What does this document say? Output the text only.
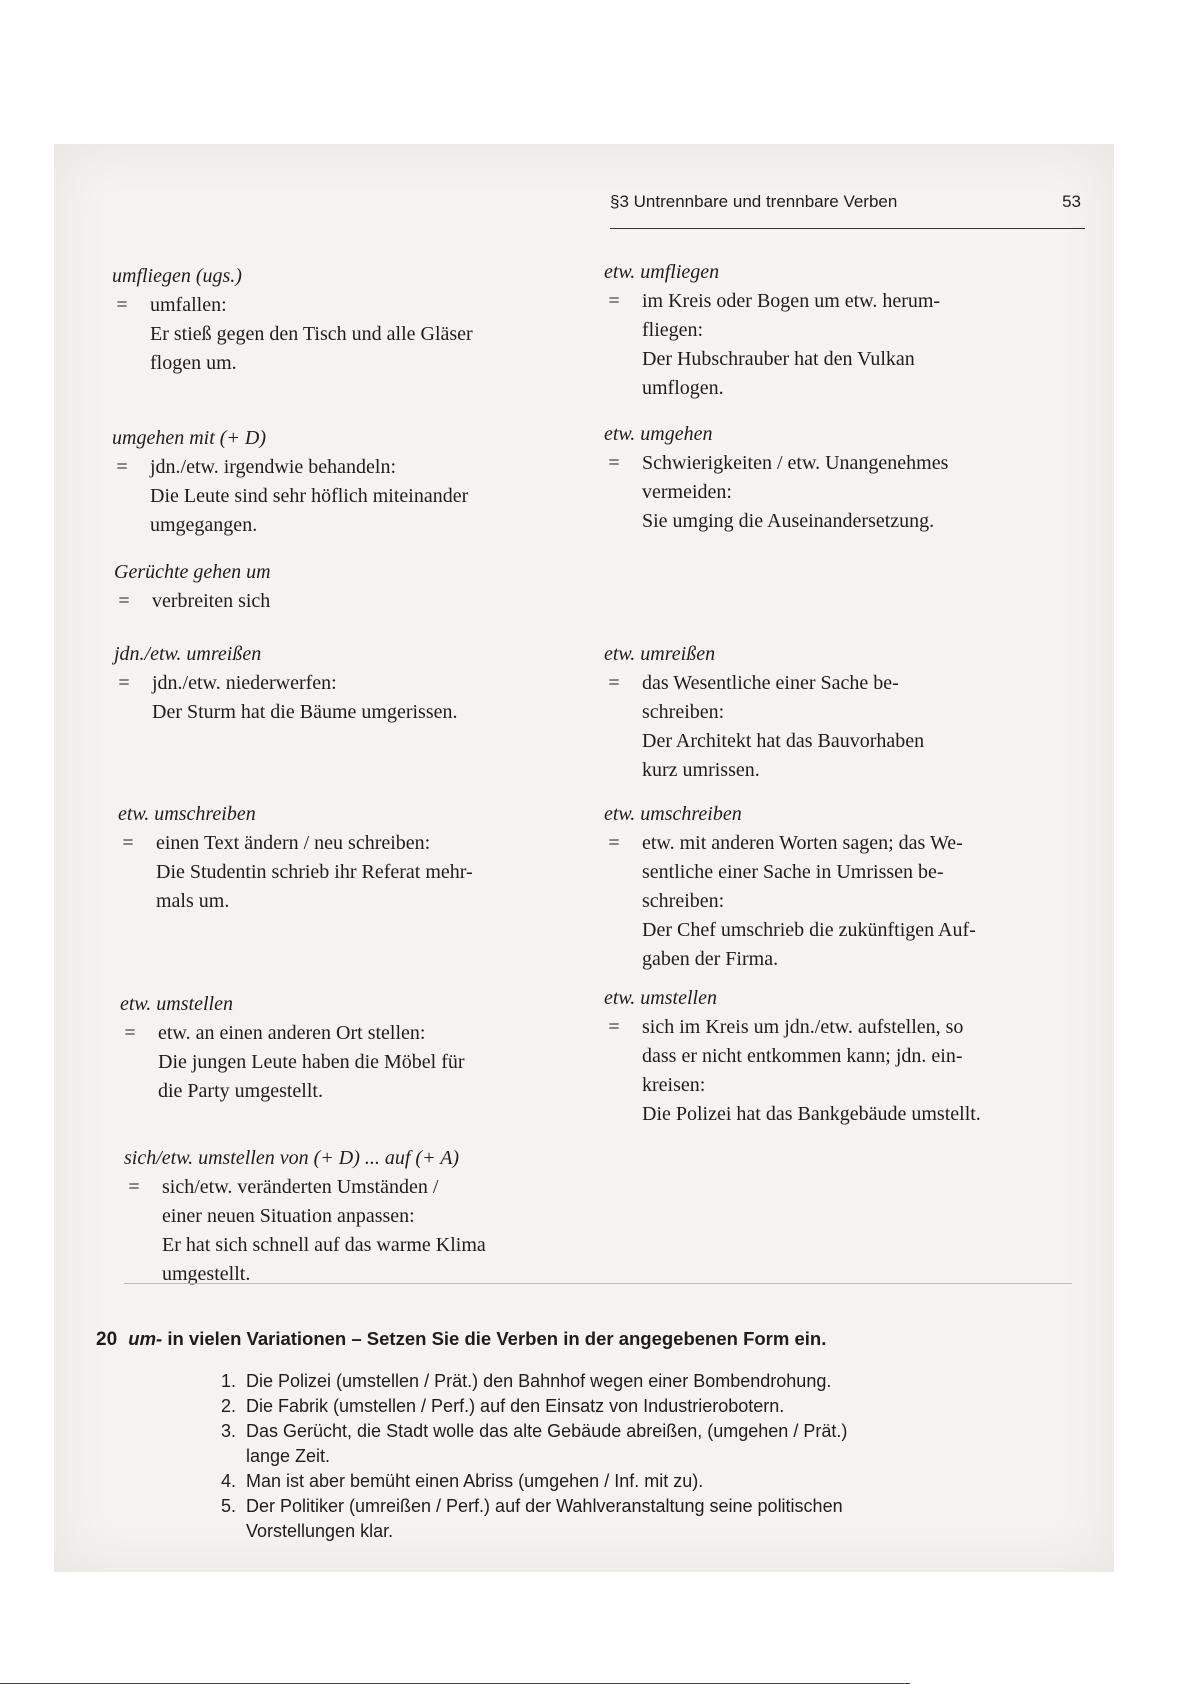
§3 Untrennbare und trennbare Verben	53
umfliegen (ugs.)
= umfallen:
Er stieß gegen den Tisch und alle Gläser
flogen um.
umgehen mit (+ D)
= jdn./etw. irgendwie behandeln:
Die Leute sind sehr höflich miteinander
umgegangen.
Gerüchte gehen um
= verbreiten sich
jdn./etw. umreißen
= jdn./etw. niederwerfen:
Der Sturm hat die Bäume umgerissen.
etw. umschreiben
= einen Text ändern / neu schreiben:
Die Studentin schrieb ihr Referat mehr-
mals um.
etw. umstellen
= etw. an einen anderen Ort stellen:
Die jungen Leute haben die Möbel für
die Party umgestellt.
sich/etw. umstellen von (+ D) ... auf (+ A)
= sich/etw. veränderten Umständen /
einer neuen Situation anpassen:
Er hat sich schnell auf das warme Klima
umgestellt.
etw. umfliegen
= im Kreis oder Bogen um etw. herum-
fliegen:
Der Hubschrauber hat den Vulkan
umflogen.
etw. umgehen
= Schwierigkeiten / etw. Unangenehmes
vermeiden:
Sie umging die Auseinandersetzung.
etw. umreißen
= das Wesentliche einer Sache be-
schreiben:
Der Architekt hat das Bauvorhaben
kurz umrissen.
etw. umschreiben
= etw. mit anderen Worten sagen; das We-
sentliche einer Sache in Umrissen be-
schreiben:
Der Chef umschrieb die zukünftigen Auf-
gaben der Firma.
etw. umstellen
= sich im Kreis um jdn./etw. aufstellen, so
dass er nicht entkommen kann; jdn. ein-
kreisen:
Die Polizei hat das Bankgebäude umstellt.

20 um- in vielen Variationen – Setzen Sie die Verben in der angegebenen Form ein.

1. Die Polizei (umstellen / Prät.) den Bahnhof wegen einer Bombendrohung.
2. Die Fabrik (umstellen / Perf.) auf den Einsatz von Industrierobotern.
3. Das Gerücht, die Stadt wolle das alte Gebäude abreißen, (umgehen / Prät.)
lange Zeit.
4. Man ist aber bemüht einen Abriss (umgehen / Inf. mit zu).
5. Der Politiker (umreißen / Perf.) auf der Wahlveranstaltung seine politischen
Vorstellungen klar.
